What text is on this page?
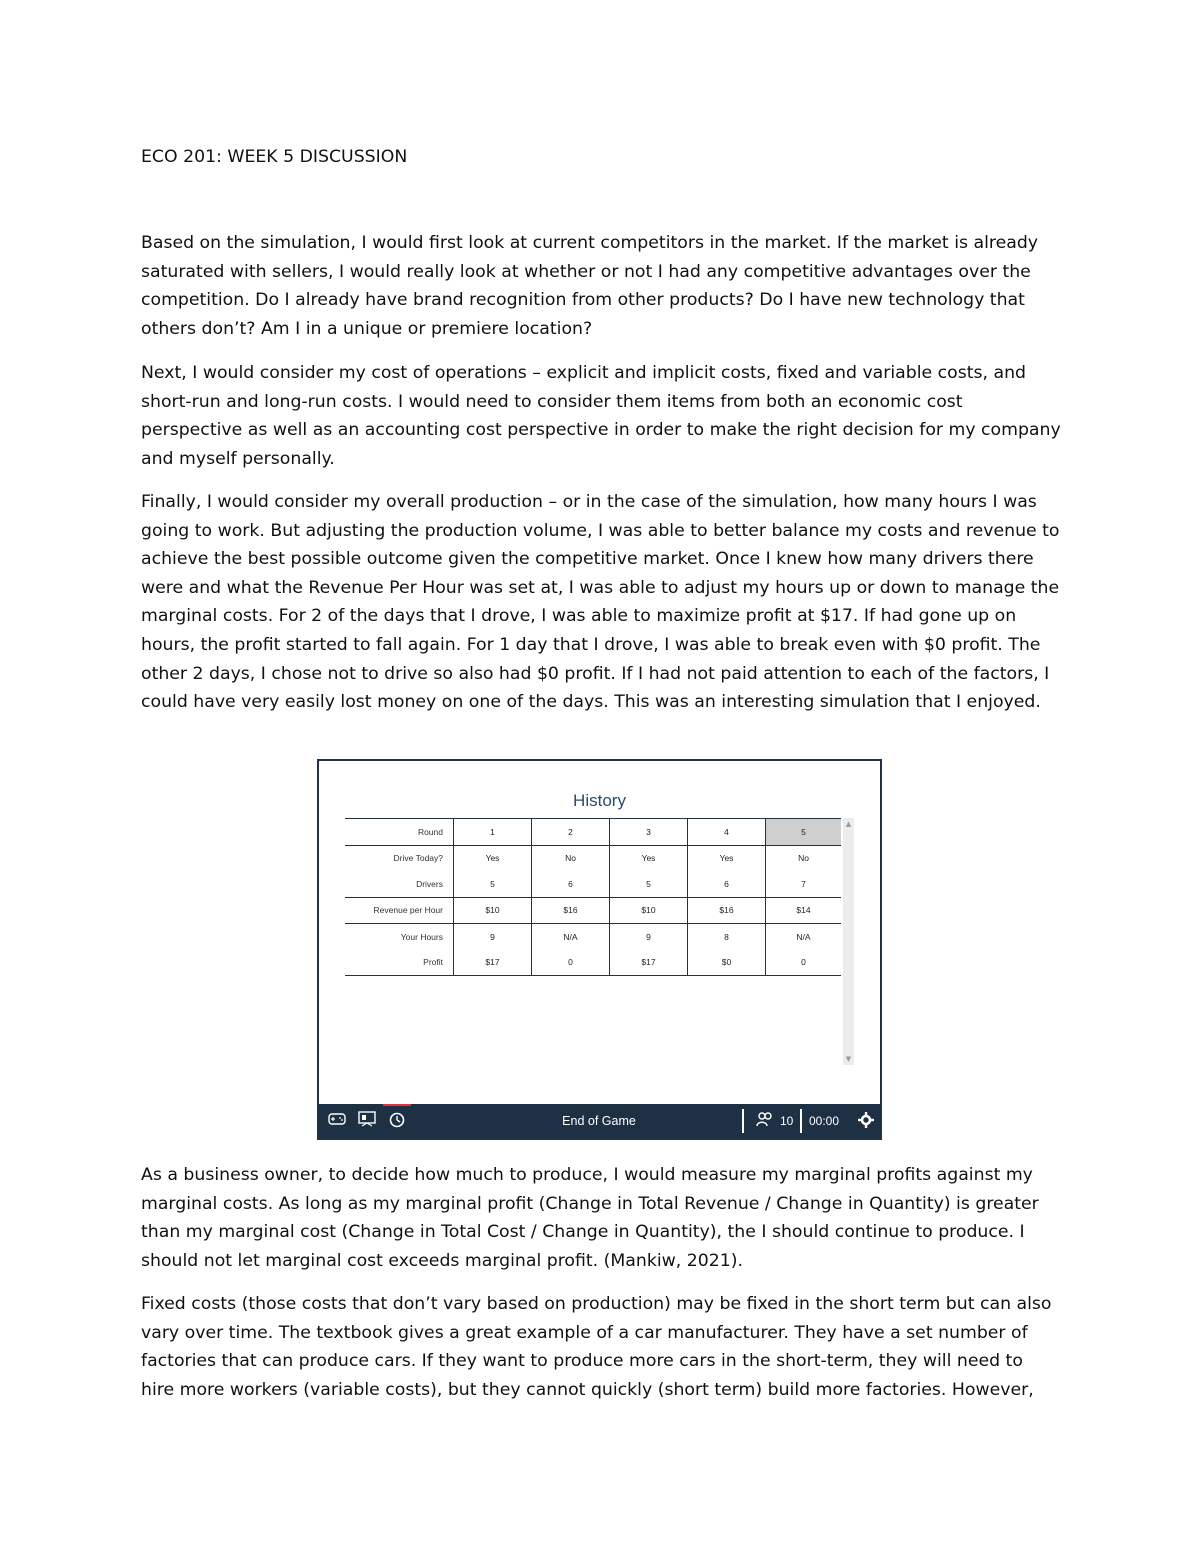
ECO 201: WEEK 5 DISCUSSION

Based on the simulation, I would first look at current competitors in the market. If the market is already saturated with sellers, I would really look at whether or not I had any competitive advantages over the competition. Do I already have brand recognition from other products? Do I have new technology that others don’t? Am I in a unique or premiere location?

Next, I would consider my cost of operations – explicit and implicit costs, fixed and variable costs, and short-run and long-run costs. I would need to consider them items from both an economic cost perspective as well as an accounting cost perspective in order to make the right decision for my company and myself personally.

Finally, I would consider my overall production – or in the case of the simulation, how many hours I was going to work. But adjusting the production volume, I was able to better balance my costs and revenue to achieve the best possible outcome given the competitive market. Once I knew how many drivers there were and what the Revenue Per Hour was set at, I was able to adjust my hours up or down to manage the marginal costs. For 2 of the days that I drove, I was able to maximize profit at $17. If had gone up on hours, the profit started to fall again. For 1 day that I drove, I was able to break even with $0 profit. The other 2 days, I chose not to drive so also had $0 profit. If I had not paid attention to each of the factors, I could have very easily lost money on one of the days. This was an interesting simulation that I enjoyed.

History
Round	1	2	3	4	5
Drive Today?	Yes	No	Yes	Yes	No
Drivers	5	6	5	6	7
Revenue per Hour	$10	$16	$10	$16	$14
Your Hours	9	N/A	9	8	N/A
Profit	$17	0	$17	$0	0
▲
▼
End of Game	10 00:00

As a business owner, to decide how much to produce, I would measure my marginal profits against my marginal costs. As long as my marginal profit (Change in Total Revenue / Change in Quantity) is greater than my marginal cost (Change in Total Cost / Change in Quantity), the I should continue to produce. I should not let marginal cost exceeds marginal profit. (Mankiw, 2021).

Fixed costs (those costs that don’t vary based on production) may be fixed in the short term but can also vary over time. The textbook gives a great example of a car manufacturer. They have a set number of factories that can produce cars. If they want to produce more cars in the short-term, they will need to hire more workers (variable costs), but they cannot quickly (short term) build more factories. However,
